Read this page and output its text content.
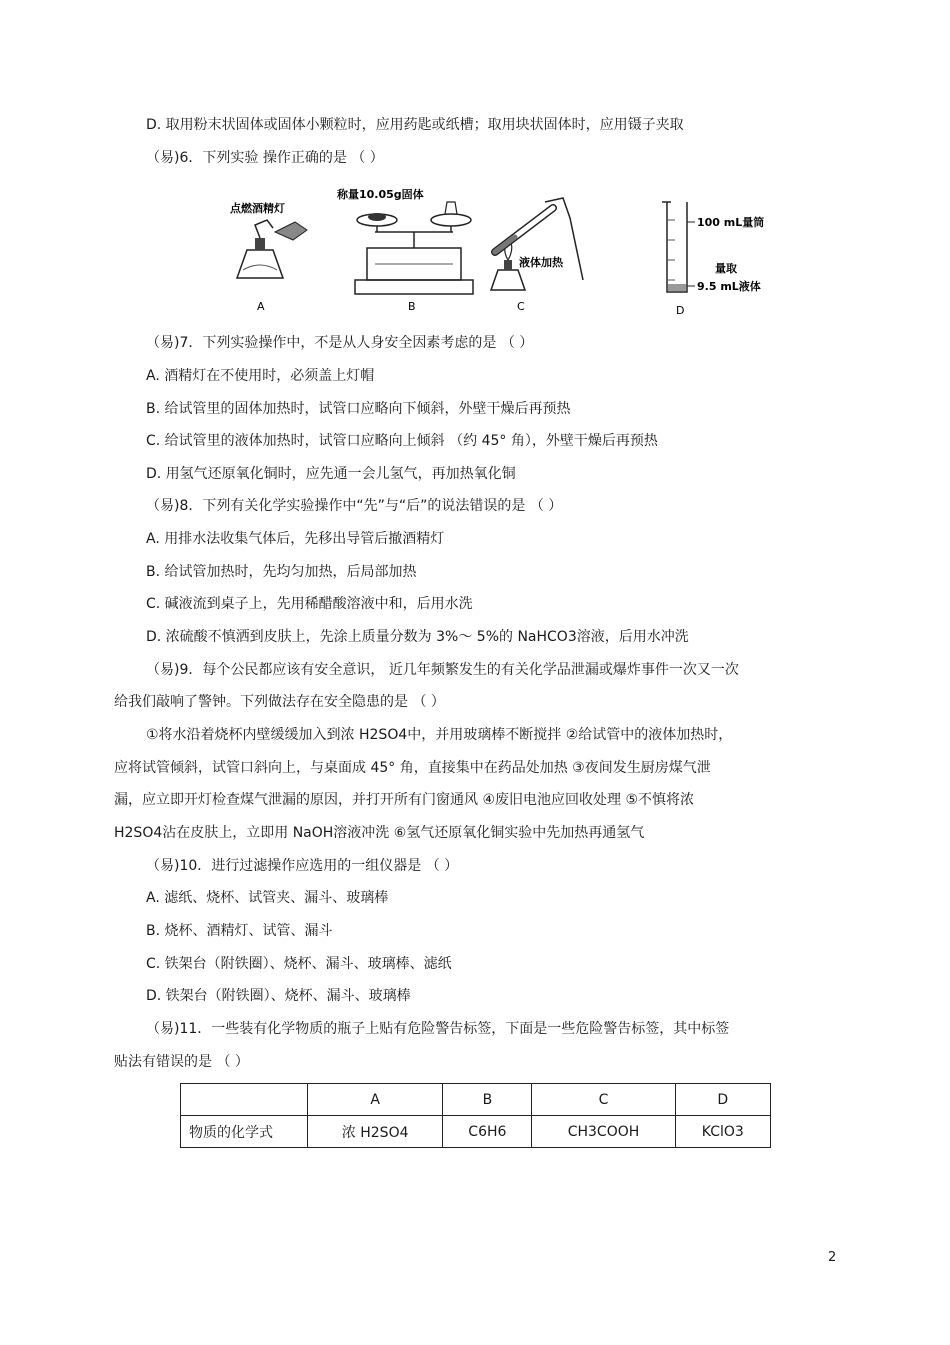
D. 取用粉末状固体或固体小颗粒时，应用药匙或纸槽；取用块状固体时，应用镊子夹取
（易)6．下列实验 操作正确的是 （ ）
点燃酒精灯
A
称量10.05g固体
B
液体加热
C
100 mL量筒
量取
9.5 mL液体
D
（易)7．下列实验操作中，不是从人身安全因素考虑的是 （ ）
A. 酒精灯在不使用时，必须盖上灯帽
B. 给试管里的固体加热时，试管口应略向下倾斜，外壁干燥后再预热
C. 给试管里的液体加热时，试管口应略向上倾斜 （约 45° 角），外壁干燥后再预热
D. 用氢气还原氧化铜时，应先通一会儿氢气，再加热氧化铜
（易)8．下列有关化学实验操作中“先”与“后”的说法错误的是 （ ）
A. 用排水法收集气体后，先移出导管后撤酒精灯
B. 给试管加热时，先均匀加热，后局部加热
C. 碱液流到桌子上，先用稀醋酸溶液中和，后用水洗
D. 浓硫酸不慎洒到皮肤上，先涂上质量分数为 3%～ 5%的 NaHCO3溶液，后用水冲洗
（易)9．每个公民都应该有安全意识， 近几年频繁发生的有关化学品泄漏或爆炸事件一次又一次
给我们敲响了警钟。下列做法存在安全隐患的是 （ ）
①将水沿着烧杯内壁缓缓加入到浓 H2SO4中，并用玻璃棒不断搅拌 ②给试管中的液体加热时，
应将试管倾斜，试管口斜向上，与桌面成 45° 角，直接集中在药品处加热 ③夜间发生厨房煤气泄
漏，应立即开灯检查煤气泄漏的原因，并打开所有门窗通风 ④废旧电池应回收处理 ⑤不慎将浓
H2SO4沾在皮肤上，立即用 NaOH溶液冲洗 ⑥氢气还原氧化铜实验中先加热再通氢气
（易)10．进行过滤操作应选用的一组仪器是 （ ）
A. 滤纸、烧杯、试管夹、漏斗、玻璃棒
B. 烧杯、酒精灯、试管、漏斗
C. 铁架台（附铁圈）、烧杯、漏斗、玻璃棒、滤纸
D. 铁架台（附铁圈）、烧杯、漏斗、玻璃棒
（易)11．一些装有化学物质的瓶子上贴有危险警告标签，下面是一些危险警告标签，其中标签
贴法有错误的是 （ ）
	A	B	C	D
物质的化学式	浓 H2SO4	C6H6	CH3COOH	KClO3
2
